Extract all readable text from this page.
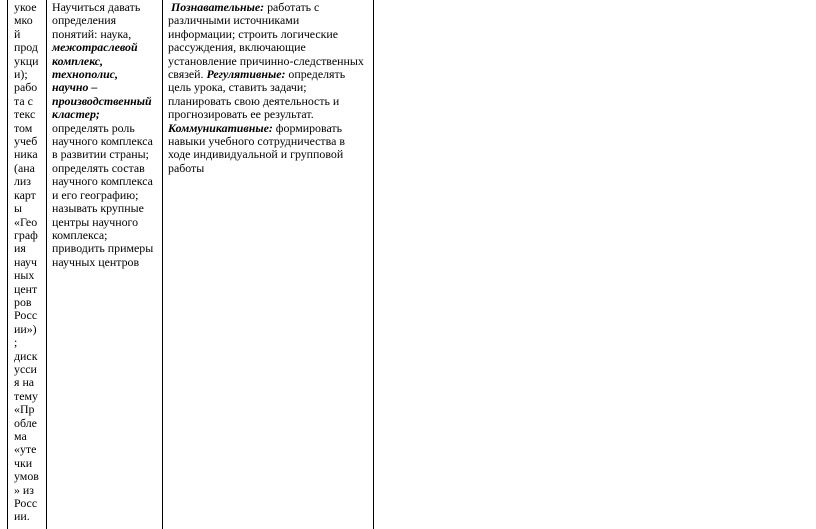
укое
мко
й
прод
укци
и);
рабо
та с
текс
том
учеб
ника
(ана
лиз
карт
ы
«Гео
граф
ия
науч
ных
цент
ров
Росс
ии»)
;
диск
усси
я на
тему
«Пр
обле
ма
«уте
чки
умов
» из
Росс
ии.
Научиться давать
определения
понятий: наука,
межотраслевой
комплекс,
технополис,
научно –
производственный
кластер;
определять роль
научного комплекса
в развитии страны;
определять состав
научного комплекса
и его географию;
называть крупные
центры научного
комплекса;
приводить примеры
научных центров
Познавательные: работать с
различными источниками
информации; строить логические
рассуждения, включающие
установление причинно-следственных
связей. Регулятивные: определять
цель урока, ставить задачи;
планировать свою деятельность и
прогнозировать ее результат.
Коммуникативные: формировать
навыки учебного сотрудничества в
ходе индивидуальной и групповой
работы
